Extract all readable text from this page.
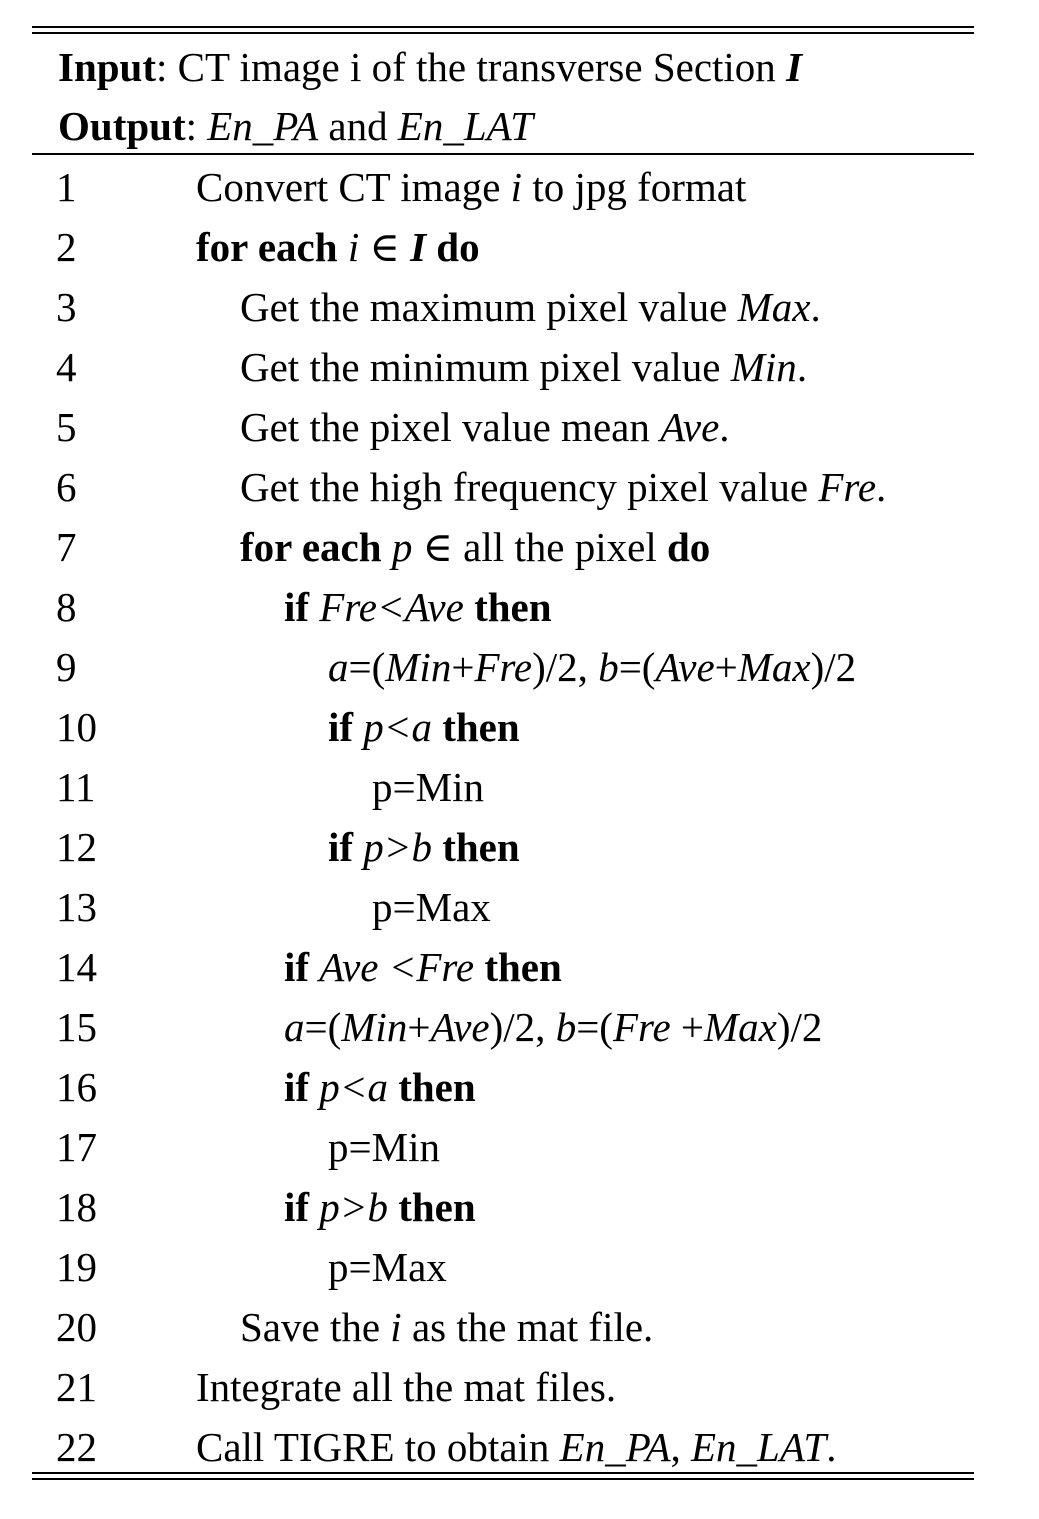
Input: CT image i of the transverse Section I
Output: En_PA and En_LAT
1	Convert CT image i to jpg format
2	for each i ∈ I do
3	Get the maximum pixel value Max.
4	Get the minimum pixel value Min.
5	Get the pixel value mean Ave.
6	Get the high frequency pixel value Fre.
7	for each p ∈ all the pixel do
8	if Fre<Ave then
9	a=(Min+Fre)/2, b=(Ave+Max)/2
10	if p<a then
11	p=Min
12	if p>b then
13	p=Max
14	if Ave <Fre then
15	a=(Min+Ave)/2, b=(Fre +Max)/2
16	if p<a then
17	p=Min
18	if p>b then
19	p=Max
20	Save the i as the mat file.
21 Integrate all the mat files.
22 Call TIGRE to obtain En_PA, En_LAT.
